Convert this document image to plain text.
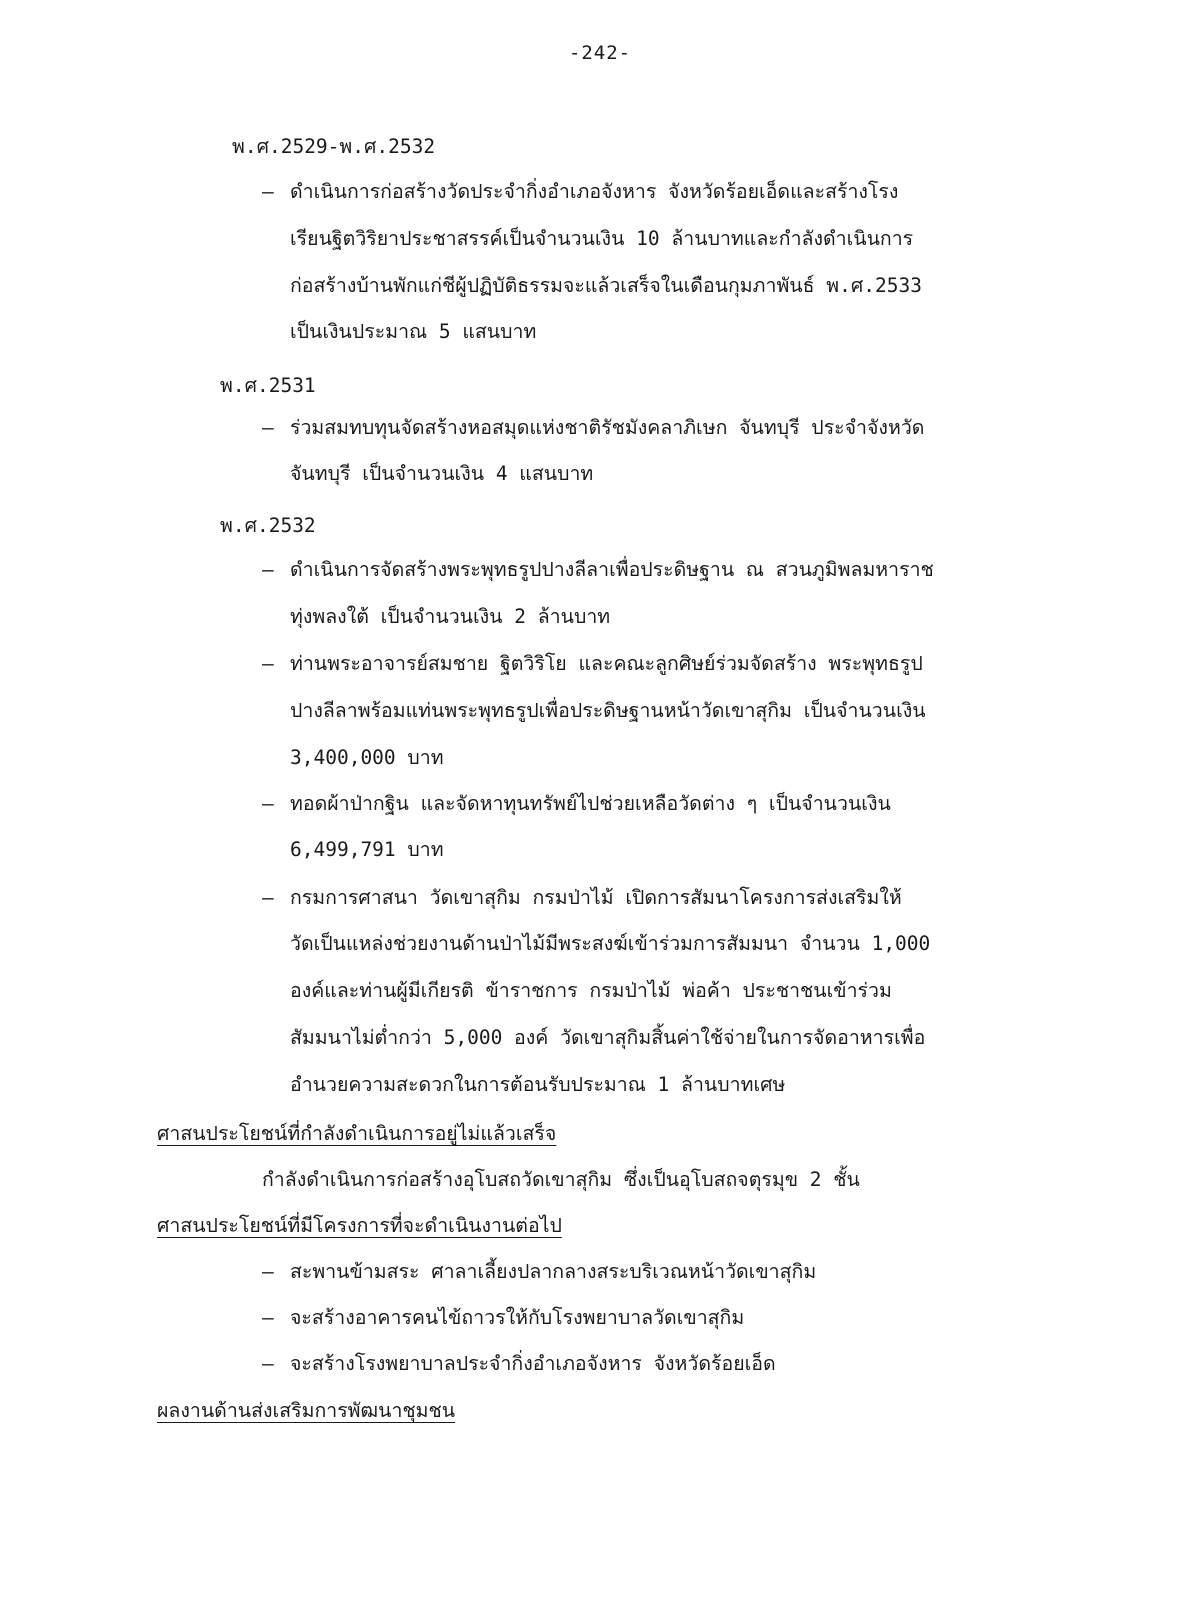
-242-
พ.ศ.2529-พ.ศ.2532
– ดำเนินการก่อสร้างวัดประจำกิ่งอำเภอจังหาร จังหวัดร้อยเอ็ดและสร้างโรง
เรียนฐิตวิริยาประชาสรรค์เป็นจำนวนเงิน 10 ล้านบาทและกำลังดำเนินการ
ก่อสร้างบ้านพักแก่ชีผู้ปฏิบัติธรรมจะแล้วเสร็จในเดือนกุมภาพันธ์ พ.ศ.2533
เป็นเงินประมาณ 5 แสนบาท
พ.ศ.2531
– ร่วมสมทบทุนจัดสร้างหอสมุดแห่งชาติรัชมังคลาภิเษก จันทบุรี ประจำจังหวัด
จันทบุรี เป็นจำนวนเงิน 4 แสนบาท
พ.ศ.2532
– ดำเนินการจัดสร้างพระพุทธรูปปางลีลาเพื่อประดิษฐาน ณ สวนภูมิพลมหาราช
ทุ่งพลงใต้ เป็นจำนวนเงิน 2 ล้านบาท
– ท่านพระอาจารย์สมชาย ฐิตวิริโย และคณะลูกศิษย์ร่วมจัดสร้าง พระพุทธรูป
ปางลีลาพร้อมแท่นพระพุทธรูปเพื่อประดิษฐานหน้าวัดเขาสุกิม เป็นจำนวนเงิน
3,400,000 บาท
– ทอดผ้าป่ากฐิน และจัดหาทุนทรัพย์ไปช่วยเหลือวัดต่าง ๆ เป็นจำนวนเงิน
6,499,791 บาท
– กรมการศาสนา วัดเขาสุกิม กรมป่าไม้ เปิดการสัมนาโครงการส่งเสริมให้
วัดเป็นแหล่งช่วยงานด้านป่าไม้มีพระสงฆ์เข้าร่วมการสัมมนา จำนวน 1,000
องค์และท่านผู้มีเกียรติ ข้าราชการ กรมป่าไม้ พ่อค้า ประชาชนเข้าร่วม
สัมมนาไม่ต่ำกว่า 5,000 องค์ วัดเขาสุกิมสิ้นค่าใช้จ่ายในการจัดอาหารเพื่อ
อำนวยความสะดวกในการต้อนรับประมาณ 1 ล้านบาทเศษ
ศาสนประโยชน์ที่กำลังดำเนินการอยู่ไม่แล้วเสร็จ
กำลังดำเนินการก่อสร้างอุโบสถวัดเขาสุกิม ซึ่งเป็นอุโบสถจตุรมุข 2 ชั้น
ศาสนประโยชน์ที่มีโครงการที่จะดำเนินงานต่อไป
– สะพานข้ามสระ ศาลาเลี้ยงปลากลางสระบริเวณหน้าวัดเขาสุกิม
– จะสร้างอาคารคนไข้ถาวรให้กับโรงพยาบาลวัดเขาสุกิม
– จะสร้างโรงพยาบาลประจำกิ่งอำเภอจังหาร จังหวัดร้อยเอ็ด
ผลงานด้านส่งเสริมการพัฒนาชุมชน
